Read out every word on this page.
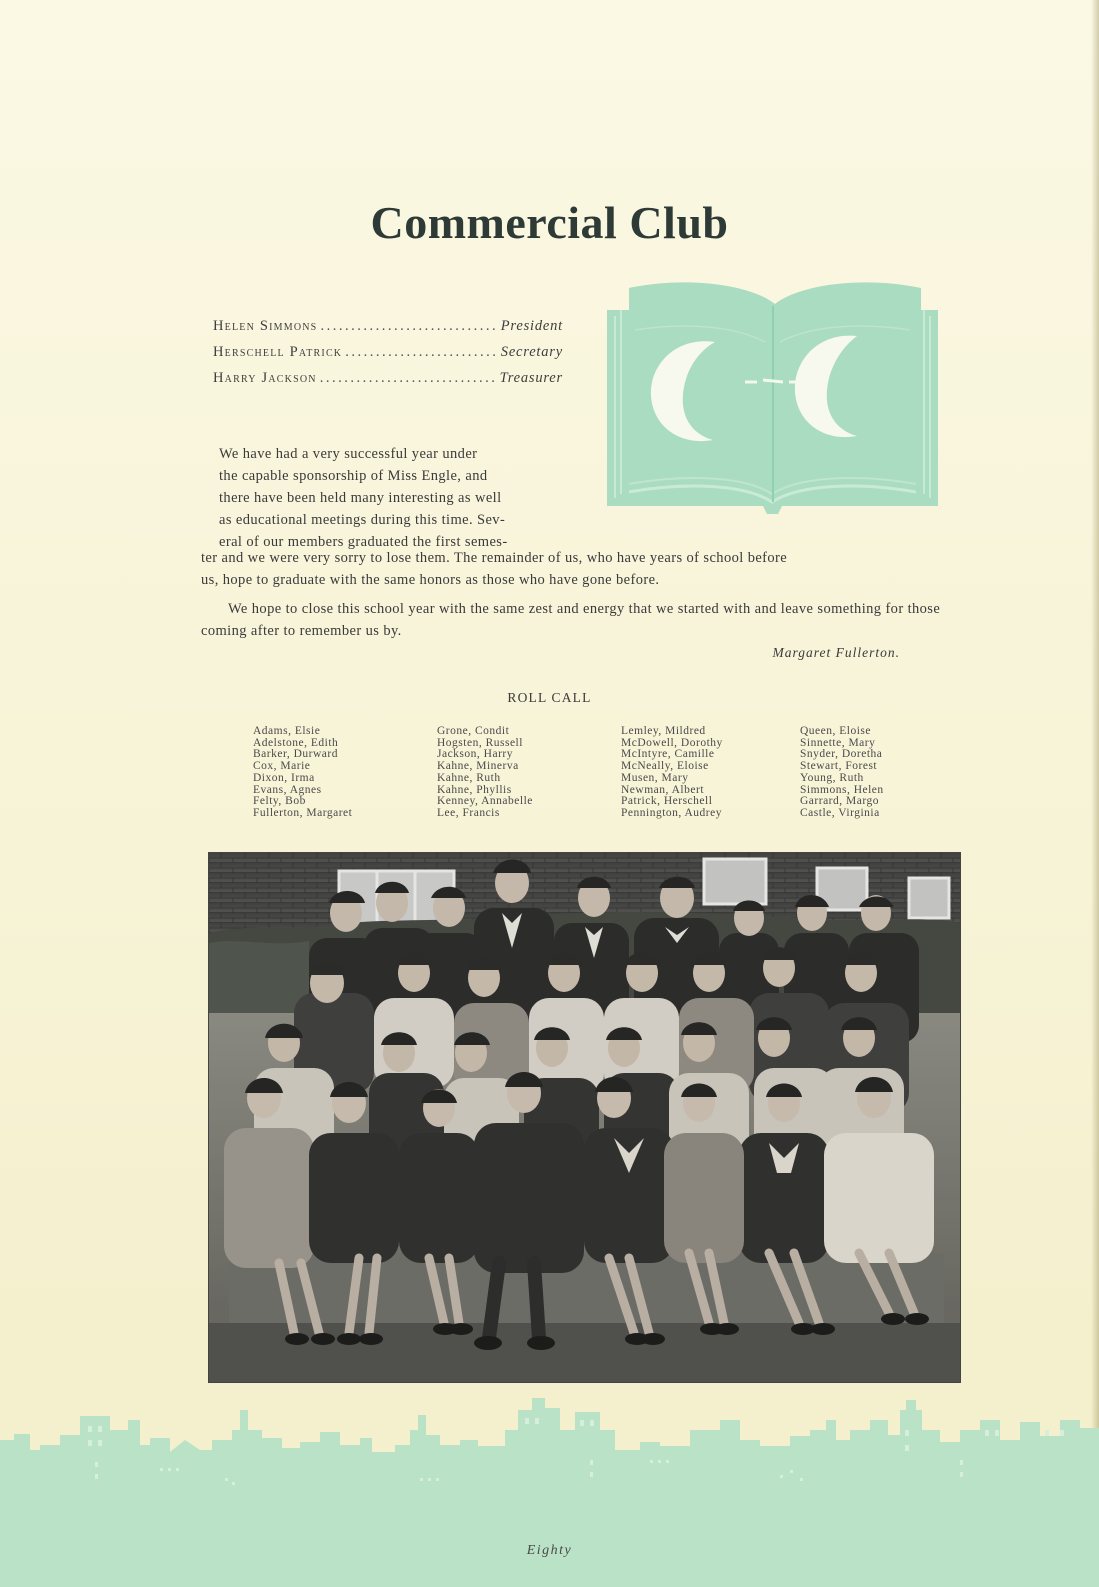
Commercial Club
Helen Simmons .....	President
Herschell Patrick .....	Secretary
Harry Jackson .....	Treasurer
We have had a very successful year under
the capable sponsorship of Miss Engle, and
there have been held many interesting as well
as educational meetings during this time. Sev-
eral of our members graduated the first semes-
ter and we were very sorry to lose them. The remainder of us, who have years of school before
us, hope to graduate with the same honors as those who have gone before.
We hope to close this school year with the same zest and energy that we started with and leave something for those coming after to remember us by.
Margaret Fullerton.
ROLL CALL
Adams, Elsie
Adelstone, Edith
Barker, Durward
Cox, Marie
Dixon, Irma
Evans, Agnes
Felty, Bob
Fullerton, Margaret
Grone, Condit
Hogsten, Russell
Jackson, Harry
Kahne, Minerva
Kahne, Ruth
Kahne, Phyllis
Kenney, Annabelle
Lee, Francis
Lemley, Mildred
McDowell, Dorothy
McIntyre, Camille
McNeally, Eloise
Musen, Mary
Newman, Albert
Patrick, Herschell
Pennington, Audrey
Queen, Eloise
Sinnette, Mary
Snyder, Doretha
Stewart, Forest
Young, Ruth
Simmons, Helen
Garrard, Margo
Castle, Virginia
Eighty
